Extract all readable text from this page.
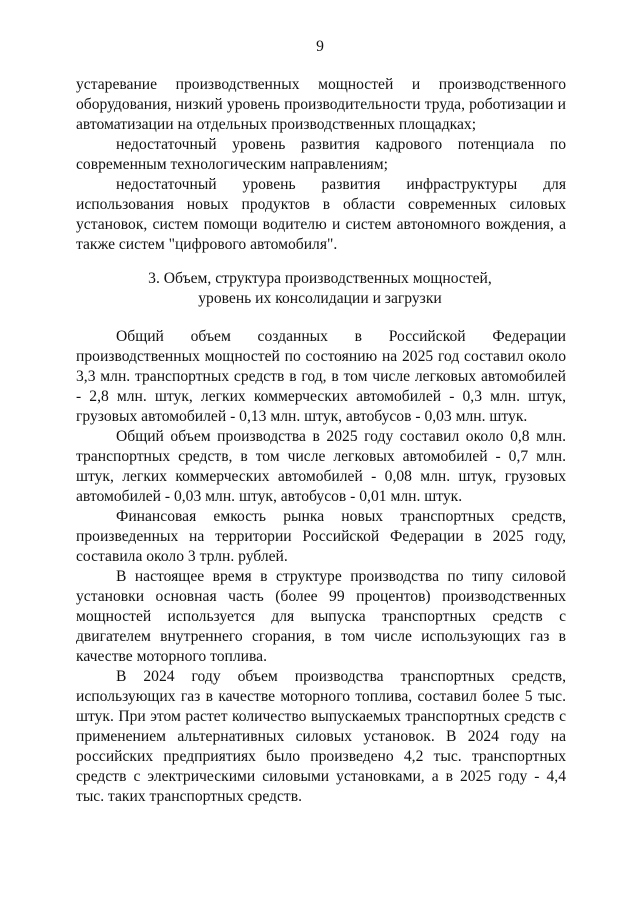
9

устаревание производственных мощностей и производственного оборудования, низкий уровень производительности труда, роботизации и автоматизации на отдельных производственных площадках;

недостаточный уровень развития кадрового потенциала по современным технологическим направлениям;

недостаточный уровень развития инфраструктуры для использования новых продуктов в области современных силовых установок, систем помощи водителю и систем автономного вождения, а также систем "цифрового автомобиля".

3. Объем, структура производственных мощностей,
уровень их консолидации и загрузки

Общий объем созданных в Российской Федерации производственных мощностей по состоянию на 2025 год составил около 3,3 млн. транспортных средств в год, в том числе легковых автомобилей - 2,8 млн. штук, легких коммерческих автомобилей - 0,3 млн. штук, грузовых автомобилей - 0,13 млн. штук, автобусов - 0,03 млн. штук.

Общий объем производства в 2025 году составил около 0,8 млн. транспортных средств, в том числе легковых автомобилей - 0,7 млн. штук, легких коммерческих автомобилей - 0,08 млн. штук, грузовых автомобилей - 0,03 млн. штук, автобусов - 0,01 млн. штук.

Финансовая емкость рынка новых транспортных средств, произведенных на территории Российской Федерации в 2025 году, составила около 3 трлн. рублей.

В настоящее время в структуре производства по типу силовой установки основная часть (более 99 процентов) производственных мощностей используется для выпуска транспортных средств с двигателем внутреннего сгорания, в том числе использующих газ в качестве моторного топлива.

В 2024 году объем производства транспортных средств, использующих газ в качестве моторного топлива, составил более 5 тыс. штук. При этом растет количество выпускаемых транспортных средств с применением альтернативных силовых установок. В 2024 году на российских предприятиях было произведено 4,2 тыс. транспортных средств с электрическими силовыми установками, а в 2025 году - 4,4 тыс. таких транспортных средств.
